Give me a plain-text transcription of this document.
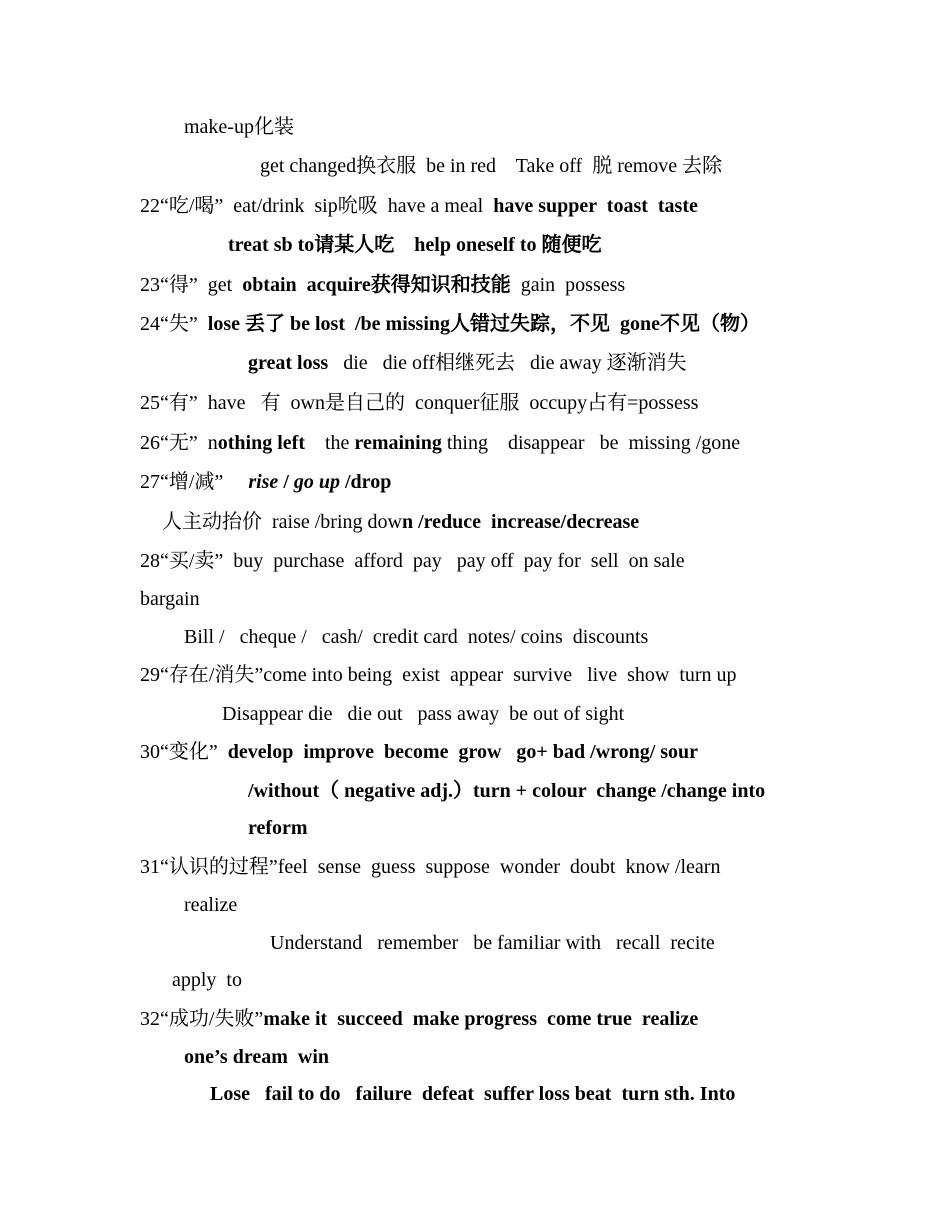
make-up化装
get changed换衣服  be in red    Take off  脱 remove 去除
22“吃/喝”  eat/drink  sip吮吸  have a meal  have supper  toast  taste
treat sb to请某人吃    help oneself to 随便吃
23“得”  get  obtain  acquire获得知识和技能  gain  possess
24“失”  lose 丢了 be lost  /be missing人错过失踪，不见  gone不见（物）
great loss   die   die off相继死去   die away 逐渐消失
25“有”  have   有  own是自己的  conquer征服  occupy占有=possess
26“无”  nothing left    the remaining thing    disappear   be  missing /gone
27“增/减”     rise / go up /drop
人主动抬价  raise /bring down /reduce  increase/decrease
28“买/卖”  buy  purchase  afford  pay   pay off  pay for  sell  on sale
bargain
Bill /   cheque /   cash/  credit card  notes/ coins  discounts
29“存在/消失”come into being  exist  appear  survive   live  show  turn up
Disappear die   die out   pass away  be out of sight
30“变化”  develop  improve  become  grow   go+ bad /wrong/ sour
/without（ negative adj.）turn + colour  change /change into
reform
31“认识的过程”feel  sense  guess  suppose  wonder  doubt  know /learn
realize
Understand   remember   be familiar with   recall  recite
apply  to
32“成功/失败”make it  succeed  make progress  come true  realize
one’s dream  win
Lose   fail to do   failure  defeat  suffer loss beat  turn sth. Into
